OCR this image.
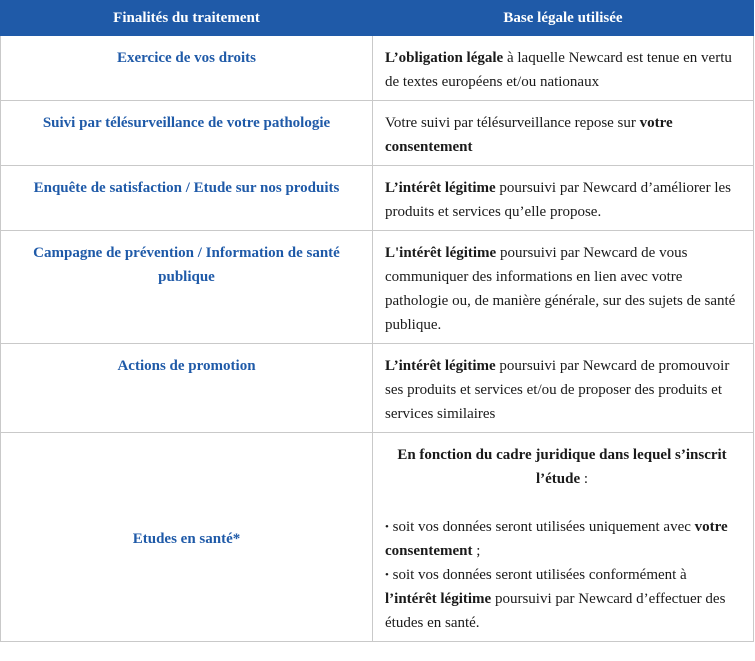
Finalités du traitement	Base légale utilisée
Exercice de vos droits	L’obligation légale à laquelle Newcard est tenue en vertu de textes européens et/ou nationaux
Suivi par télésurveillance de votre pathologie	Votre suivi par télésurveillance repose sur votre consentement
Enquête de satisfaction / Etude sur nos produits	L’intérêt légitime poursuivi par Newcard d’améliorer les produits et services qu’elle propose.
Campagne de prévention / Information de santé publique	L'intérêt légitime poursuivi par Newcard de vous communiquer des informations en lien avec votre pathologie ou, de manière générale, sur des sujets de santé publique.
Actions de promotion	L’intérêt légitime poursuivi par Newcard de promouvoir ses produits et services et/ou de proposer des produits et services similaires
Etudes en santé*	En fonction du cadre juridique dans lequel s’inscrit l’étude :
• soit vos données seront utilisées uniquement avec votre consentement ;
• soit vos données seront utilisées conformément à l’intérêt légitime poursuivi par Newcard d’effectuer des études en santé.
